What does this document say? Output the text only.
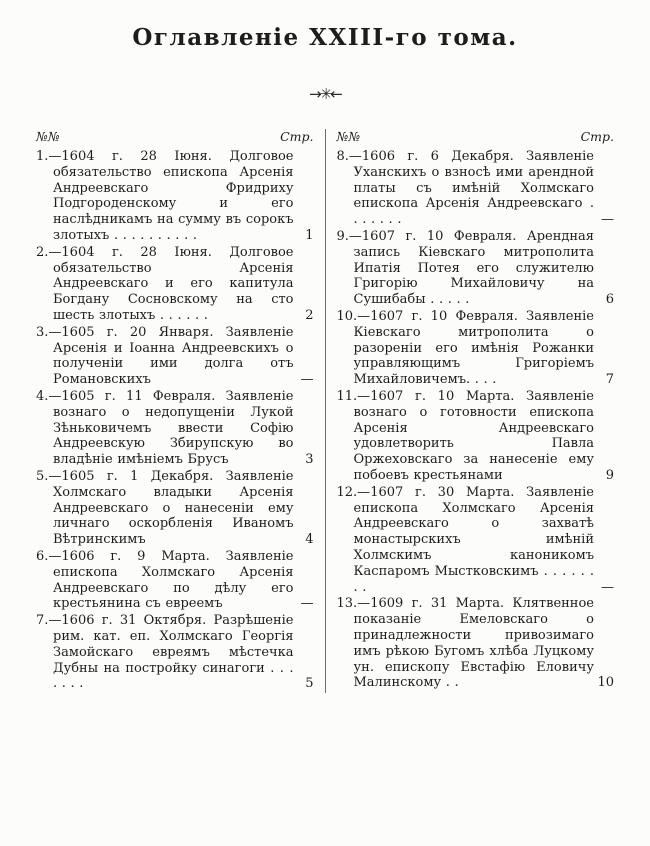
Оглавленіе XXIII-го тома.
→✳←
№№	Стр.
1.—1604 г. 28 Іюня. Долговое обязательство епископа Арсенія Андреевскаго Фридриху Подгороденскому и его наслѣдникамъ на сумму въ сорокъ злотыхъ . . . . . . . . . .	1
2.—1604 г. 28 Іюня. Долговое обязательство Арсенія Андреевскаго и его капитула Богдану Сосновскому на сто шесть злотыхъ . . . . . .	2
3.—1605 г. 20 Января. Заявленіе Арсенія и Іоанна Андреевскихъ о полученіи ими долга отъ Романовскихъ	—
4.—1605 г. 11 Февраля. Заявленіе вознаго о недопущеніи Лукой Зѣньковичемъ ввести Софію Андреевскую Збирупскую во владѣніе имѣніемъ Брусъ	3
5.—1605 г. 1 Декабря. Заявленіе Холмскаго владыки Арсенія Андреевскаго о нанесеніи ему личнаго оскорбленія Иваномъ Вѣтринскимъ	4
6.—1606 г. 9 Марта. Заявленіе епископа Холмскаго Арсенія Андреевскаго по дѣлу его крестьянина съ евреемъ	—
7.—1606 г. 31 Октября. Разрѣшеніе рим. кат. еп. Холмскаго Георгія Замойскаго евреямъ мѣстечка Дубны на постройку синагоги . . . . . . .	5
№№	Стр.
8.—1606 г. 6 Декабря. Заявленіе Уханскихъ о взносѣ ими арендной платы съ имѣній Холмскаго епископа Арсенія Андреевскаго . . . . . . .	—
9.—1607 г. 10 Февраля. Арендная запись Кіевскаго митрополита Ипатія Потея его служителю Григорію Михайловичу на Сушибабы . . . . .	6
10.—1607 г. 10 Февраля. Заявленіе Кіевскаго митрополита о разореніи его имѣнія Рожанки управляющимъ Григоріемъ Михайловичемъ. . . .	7
11.—1607 г. 10 Марта. Заявленіе вознаго о готовности епископа Арсенія Андреевскаго удовлетворить Павла Оржеховскаго за нанесеніе ему побоевъ крестьянами	9
12.—1607 г. 30 Марта. Заявленіе епископа Холмскаго Арсенія Андреевскаго о захватѣ монастырскихъ имѣній Холмскимъ каноникомъ Каспаромъ Мыстковскимъ . . . . . . . .	—
13.—1609 г. 31 Марта. Клятвенное показаніе Емеловскаго о принадлежности привозимаго имъ рѣкою Бугомъ хлѣба Луцкому ун. епископу Евстафію Еловичу Малинскому . .	10
